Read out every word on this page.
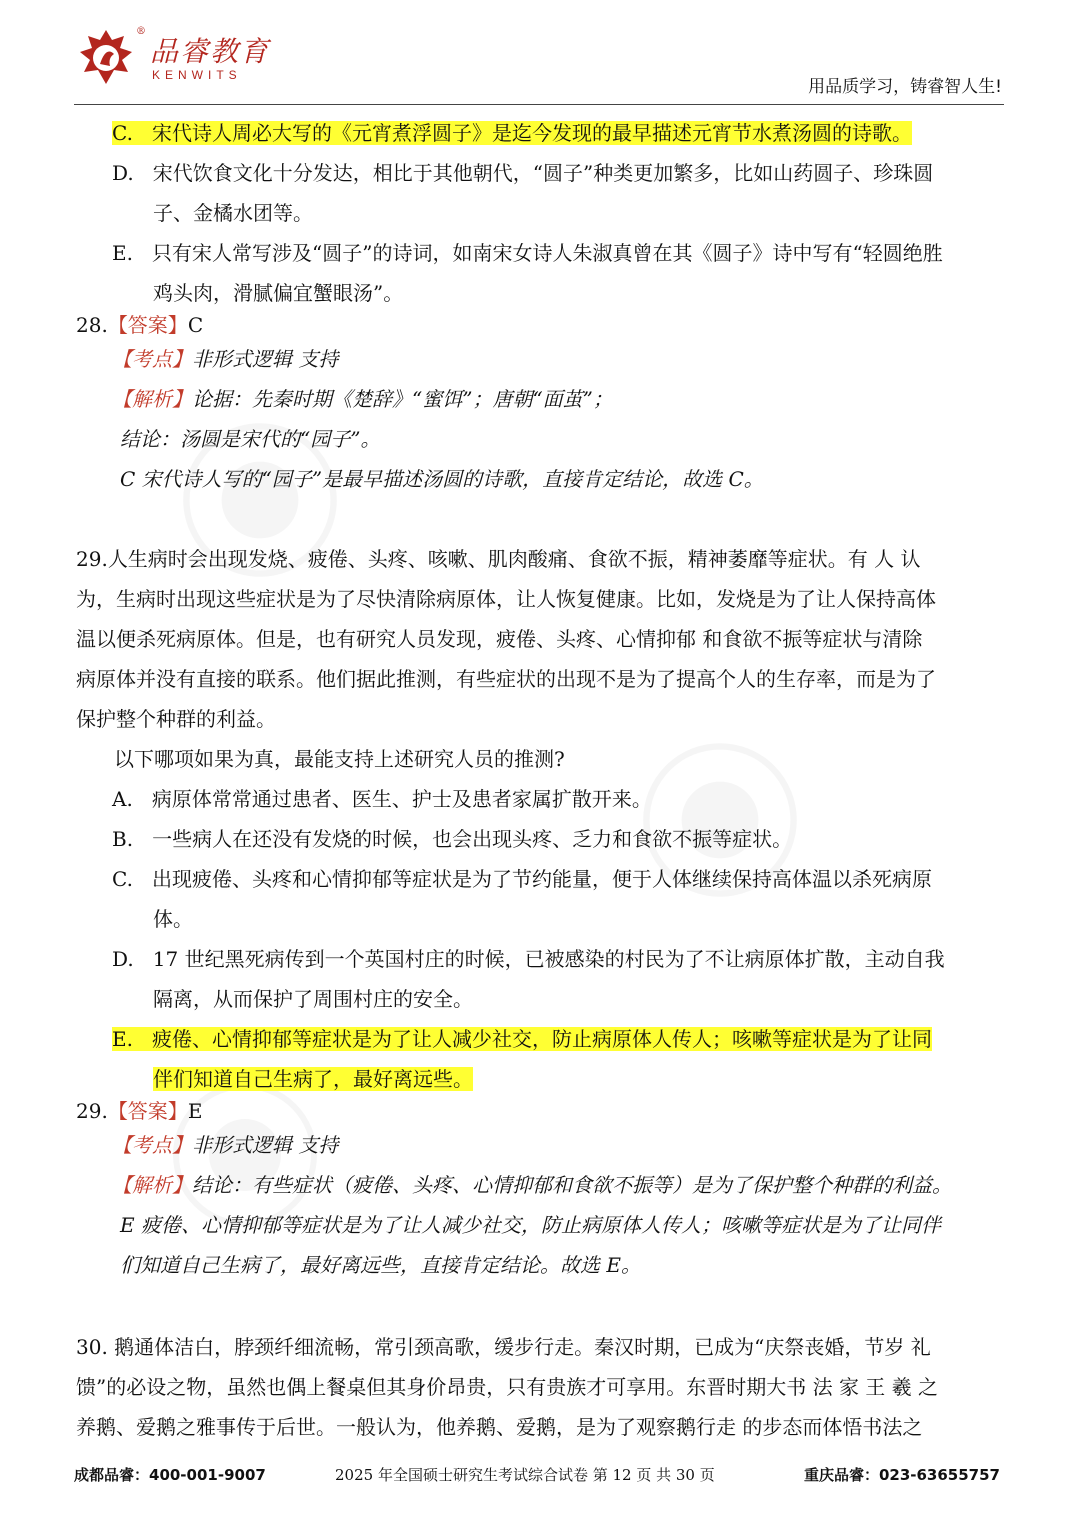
®
品睿教育
KENWITS
用品质学习，铸睿智人生!
C. 宋代诗人周必大写的《元宵煮浮圆子》是迄今发现的最早描述元宵节水煮汤圆的诗歌。
D. 宋代饮食文化十分发达，相比于其他朝代，“圆子”种类更加繁多，比如山药圆子、珍珠圆
子、金橘水团等。
E. 只有宋人常写涉及“圆子”的诗词，如南宋女诗人朱淑真曾在其《圆子》诗中写有“轻圆绝胜
鸡头肉，滑腻偏宜蟹眼汤”。
28.【答案】C
【考点】非形式逻辑 支持
【解析】论据：先秦时期《楚辞》“蜜饵”；唐朝“面茧”；
结论：汤圆是宋代的“园子”。
C 宋代诗人写的“园子”是最早描述汤圆的诗歌，直接肯定结论，故选 C。
29.人生病时会出现发烧、疲倦、头疼、咳嗽、肌肉酸痛、食欲不振，精神萎靡等症状。有 人 认
为，生病时出现这些症状是为了尽快清除病原体，让人恢复健康。比如，发烧是为了让人保持高体
温以便杀死病原体。但是，也有研究人员发现，疲倦、头疼、心情抑郁 和食欲不振等症状与清除
病原体并没有直接的联系。他们据此推测，有些症状的出现不是为了提高个人的生存率，而是为了
保护整个种群的利益。
以下哪项如果为真，最能支持上述研究人员的推测?
A. 病原体常常通过患者、医生、护士及患者家属扩散开来。
B. 一些病人在还没有发烧的时候，也会出现头疼、乏力和食欲不振等症状。
C. 出现疲倦、头疼和心情抑郁等症状是为了节约能量，便于人体继续保持高体温以杀死病原
体。
D. 17 世纪黑死病传到一个英国村庄的时候，已被感染的村民为了不让病原体扩散，主动自我
隔离，从而保护了周围村庄的安全。
E. 疲倦、心情抑郁等症状是为了让人减少社交，防止病原体人传人；咳嗽等症状是为了让同
伴们知道自己生病了，最好离远些。
29.【答案】E
【考点】非形式逻辑 支持
【解析】结论：有些症状（疲倦、头疼、心情抑郁和食欲不振等）是为了保护整个种群的利益。
E 疲倦、心情抑郁等症状是为了让人减少社交，防止病原体人传人；咳嗽等症状是为了让同伴
们知道自己生病了，最好离远些，直接肯定结论。故选 E。
30. 鹅通体洁白，脖颈纤细流畅，常引颈高歌，缓步行走。秦汉时期，已成为“庆祭丧婚，节岁 礼
馈”的必设之物，虽然也偶上餐桌但其身价昂贵，只有贵族才可享用。东晋时期大书 法 家 王 羲 之
养鹅、爱鹅之雅事传于后世。一般认为，他养鹅、爱鹅，是为了观察鹅行走 的步态而体悟书法之
成都品睿：400-001-9007	2025 年全国硕士研究生考试综合试卷 第 12 页 共 30 页	重庆品睿：023-63655757
